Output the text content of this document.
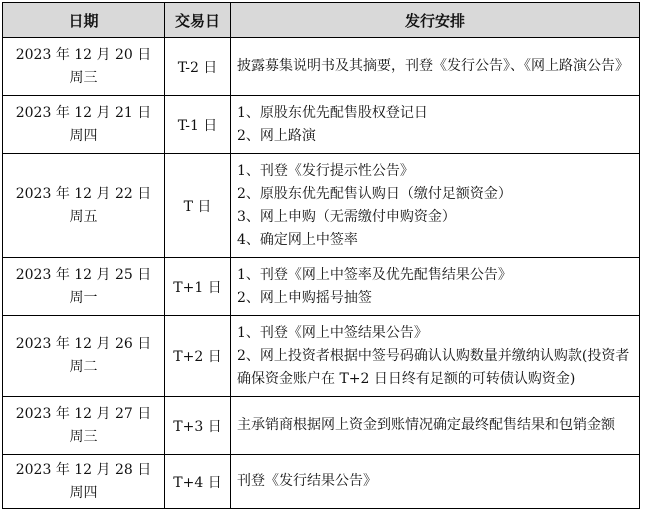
日期	交易日	发行安排

2023 年 12 月 20 日
周三	T-2 日	披露募集说明书及其摘要，刊登《发行公告》、《网上路演公告》

2023 年 12 月 21 日
周四	T-1 日	1、原股东优先配售股权登记日
2、网上路演

2023 年 12 月 22 日
周五	T 日	1、刊登《发行提示性公告》
2、原股东优先配售认购日（缴付足额资金）
3、网上申购（无需缴付申购资金）
4、确定网上中签率

2023 年 12 月 25 日
周一	T+1 日	1、刊登《网上中签率及优先配售结果公告》
2、网上申购摇号抽签

2023 年 12 月 26 日
周二	T+2 日	1、刊登《网上中签结果公告》
2、网上投资者根据中签号码确认认购数量并缴纳认购款(投资者确保资金账户在 T+2 日日终有足额的可转债认购资金)

2023 年 12 月 27 日
周三	T+3 日	主承销商根据网上资金到账情况确定最终配售结果和包销金额

2023 年 12 月 28 日
周四	T+4 日	刊登《发行结果公告》
